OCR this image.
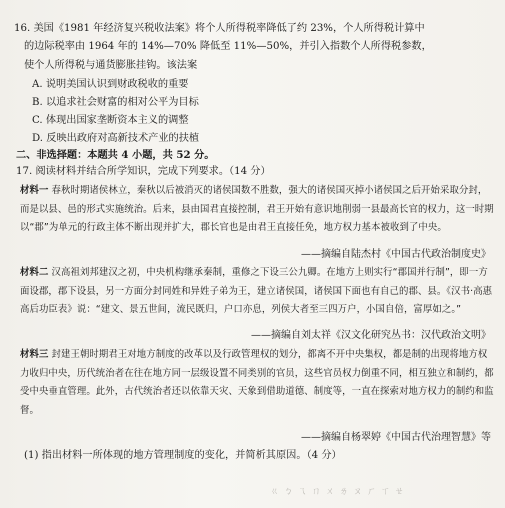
16. 美国《1981 年经济复兴税收法案》将个人所得税率降低了约 23%，个人所得税计算中
的边际税率由 1964 年的 14%—70% 降低至 11%—50%，并引入指数个人所得税参数，
使个人所得税与通货膨胀挂钩。该法案
A. 说明美国认识到财政税收的重要
B. 以追求社会财富的相对公平为目标
C. 体现出国家垄断资本主义的调整
D. 反映出政府对高新技术产业的扶植
二、非选择题：本题共 4 小题，共 52 分。
17. 阅读材料并结合所学知识，完成下列要求。（14 分）
材料一 春秋时期诸侯林立，秦秋以后被消灭的诸侯国数不胜数，强大的诸侯国灭掉小诸侯国之后开始采取分封，而是以县、邑的形式实施统治。后来，县由国君直接控制，君王开始有意识地削弱一县最高长官的权力，这一时期以“郡”为单元的行政主体不断出现并扩大，郡长官也是由君王直接任免，地方权力基本被收到了中央。
——摘编自陆杰村《中国古代政治制度史》
材料二 汉高祖刘邦建汉之初，中央机构继承秦制，重修之下设三公九卿。在地方上则实行“郡国并行制”，即一方面设郡，郡下设县，另一方面分封同姓和异姓子弟为王，建立诸侯国，诸侯国下面也有自己的郡、县。《汉书·高惠高后功臣表》说：“建文、景五世间，流民既归，户口亦息，列侯大者至三四万户，小国自倍，富厚如之。”
——摘编自刘太祥《汉文化研究丛书：汉代政治文明》
材料三 封建王朝时期君王对地方制度的改革以及行政管理权的划分，都离不开中央集权，都是制的出现将地方权力收归中央，历代统治者在往在地方同一层级设置不同类别的官员，这些官员权力倒重不同，相互独立和制约，都受中央垂直管理。此外，古代统治者还以依靠天灾、天象到借助道德、制度等，一直在探索对地方权力的制约和监督。
——摘编自杨翠婷《中国古代治理智慧》等
(1) 指出材料一所体现的地方管理制度的变化，并简析其原因。（4 分）
ㄍ ㄅ ㄟ ㄇ ㄨ ㄌ ㄡ ㄏ ㄒ ㄝ
